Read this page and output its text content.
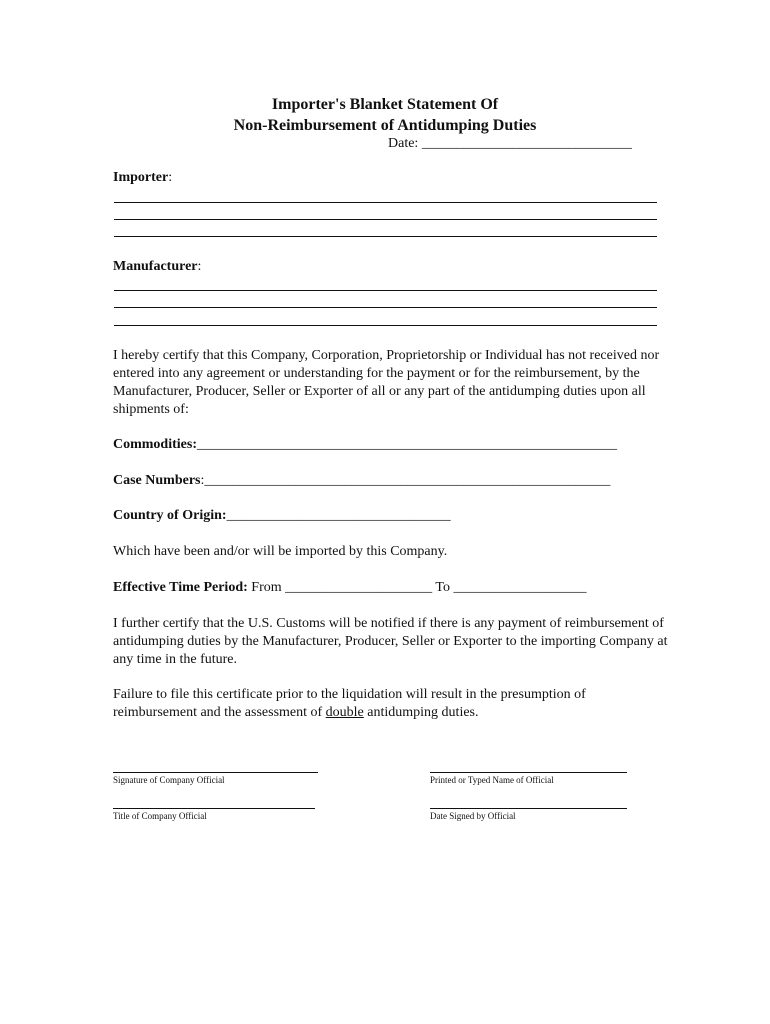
Importer's Blanket Statement Of
Non-Reimbursement of Antidumping Duties
Date: ______________________________
Importer:
Manufacturer:
I hereby certify that this Company, Corporation, Proprietorship or Individual has not received nor entered into any agreement or understanding for the payment or for the reimbursement, by the Manufacturer, Producer, Seller or Exporter of all or any part of the antidumping duties upon all shipments of:
Commodities:____________________________________________________________
Case Numbers:__________________________________________________________
Country of Origin:________________________________
Which have been and/or will be imported by this Company.
Effective Time Period: From _____________________ To ___________________
I further certify that the U.S. Customs will be notified if there is any payment of reimbursement of antidumping duties by the Manufacturer, Producer, Seller or Exporter to the importing Company at any time in the future.
Failure to file this certificate prior to the liquidation will result in the presumption of reimbursement and the assessment of double antidumping duties.
Signature of Company Official	Printed or Typed Name of Official
Title of Company Official	Date Signed by Official
